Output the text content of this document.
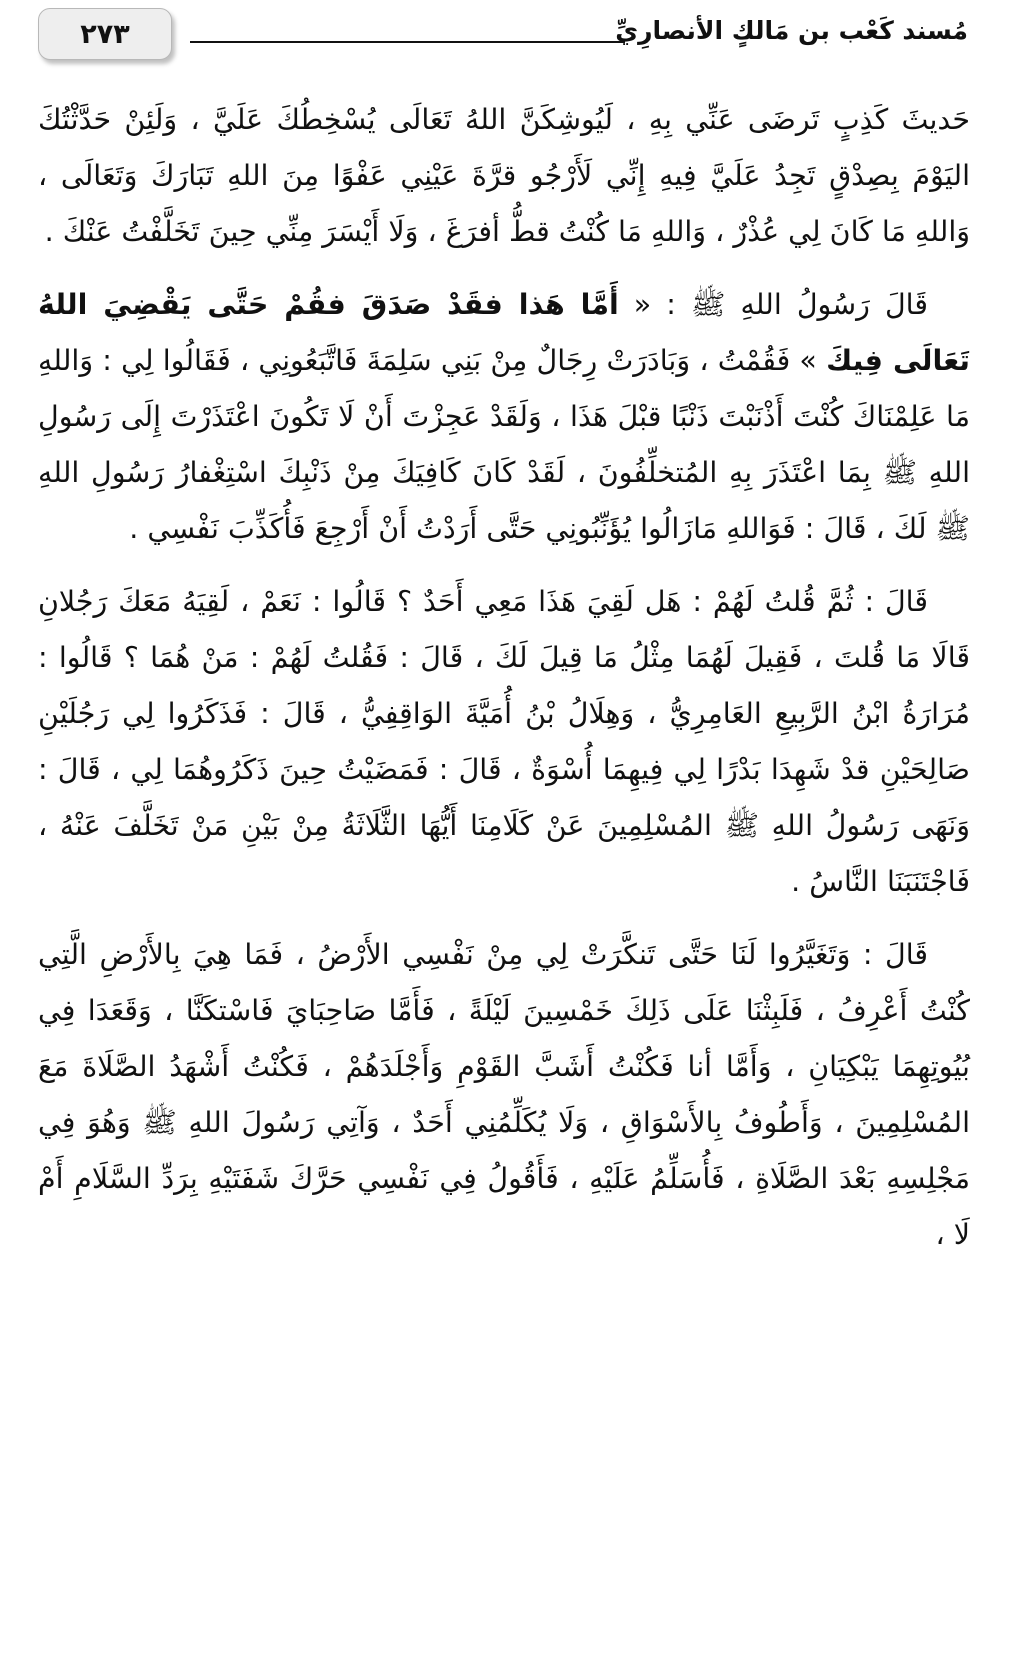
٢٧٣	مُسند كَعْب بن مَالكٍ الأنصارِيِّ

حَديثَ كَذِبٍ تَرضَى عَنِّي بِهِ ، لَيُوشِكَنَّ اللهُ تَعَالَى يُسْخِطُكَ عَلَيَّ ، وَلَئِنْ حَدَّثْتُكَ اليَوْمَ بِصِدْقٍ تَجِدُ عَلَيَّ فِيهِ إِنِّي لَأَرْجُو قرَّةَ عَيْنِي عَفْوًا مِنَ اللهِ تَبَارَكَ وَتَعَالَى ، وَاللهِ مَا كَانَ لِي عُذْرٌ ، وَاللهِ مَا كُنْتُ قطُّ أفرَغَ ، وَلَا أَيْسَرَ مِنِّي حِينَ تَخَلَّفْتُ عَنْكَ .

قَالَ رَسُولُ اللهِ ﷺ : « أَمَّا هَذا فقَدْ صَدَقَ فقُمْ حَتَّى يَقْضِيَ اللهُ تَعَالَى فِيكَ » فَقُمْتُ ، وَبَادَرَتْ رِجَالٌ مِنْ بَنِي سَلِمَةَ فَاتَّبَعُونِي ، فَقَالُوا لِي : وَاللهِ مَا عَلِمْنَاكَ كُنْتَ أَذْنَبْتَ ذَنْبًا قبْلَ هَذَا ، وَلَقَدْ عَجِزْتَ أَنْ لَا تَكُونَ اعْتَذَرْتَ إِلَى رَسُولِ اللهِ ﷺ بِمَا اعْتَذَرَ بِهِ المُتخلِّفُونَ ، لَقَدْ كَانَ كَافِيَكَ مِنْ ذَنْبِكَ اسْتِغْفارُ رَسُولِ اللهِ ﷺ لَكَ ، قَالَ : فَوَاللهِ مَازَالُوا يُؤَنِّبُونِي حَتَّى أَرَدْتُ أَنْ أَرْجِعَ فَأُكَذِّبَ نَفْسِي .

قَالَ : ثُمَّ قُلتُ لَهُمْ : هَل لَقِيَ هَذَا مَعِي أَحَدٌ ؟ قَالُوا : نَعَمْ ، لَقِيَهُ مَعَكَ رَجُلانِ قَالَا مَا قُلتَ ، فَقِيلَ لَهُمَا مِثْلُ مَا قِيلَ لَكَ ، قَالَ : فَقُلتُ لَهُمْ : مَنْ هُمَا ؟ قَالُوا : مُرَارَةُ ابْنُ الرَّبِيعِ العَامِرِيُّ ، وَهِلَالُ بْنُ أُمَيَّةَ الوَاقِفِيُّ ، قَالَ : فَذَكَرُوا لِي رَجُلَيْنِ صَالِحَيْنِ قدْ شَهِدَا بَدْرًا لِي فِيهِمَا أُسْوَةٌ ، قَالَ : فَمَضَيْتُ حِينَ ذَكَرُوهُمَا لِي ، قَالَ : وَنَهَى رَسُولُ اللهِ ﷺ المُسْلِمِينَ عَنْ كَلَامِنَا أَيُّهَا الثَّلَاثَةُ مِنْ بَيْنِ مَنْ تَخَلَّفَ عَنْهُ ، فَاجْتَنَبَنَا النَّاسُ .

قَالَ : وَتَغَيَّرُوا لَنَا حَتَّى تَنكَّرَتْ لِي مِنْ نَفْسِي الأَرْضُ ، فَمَا هِيَ بِالأَرْضِ الَّتِي كُنْتُ أَعْرِفُ ، فَلَبِثْنَا عَلَى ذَلِكَ خَمْسِينَ لَيْلَةً ، فَأَمَّا صَاحِبَايَ فَاسْتكَنَّا ، وَقَعَدَا فِي بُيُوتِهِمَا يَبْكِيَانِ ، وَأَمَّا أنا فَكُنْتُ أَشَبَّ القَوْمِ وَأَجْلَدَهُمْ ، فَكُنْتُ أَشْهَدُ الصَّلَاةَ مَعَ المُسْلِمِينَ ، وَأَطُوفُ بِالأَسْوَاقِ ، وَلَا يُكَلِّمُنِي أَحَدٌ ، وَآتِي رَسُولَ اللهِ ﷺ وَهُوَ فِي مَجْلِسِهِ بَعْدَ الصَّلَاةِ ، فَأُسَلِّمُ عَلَيْهِ ، فَأَقُولُ فِي نَفْسِي حَرَّكَ شَفَتَيْهِ بِرَدِّ السَّلَامِ أَمْ لَا ،
